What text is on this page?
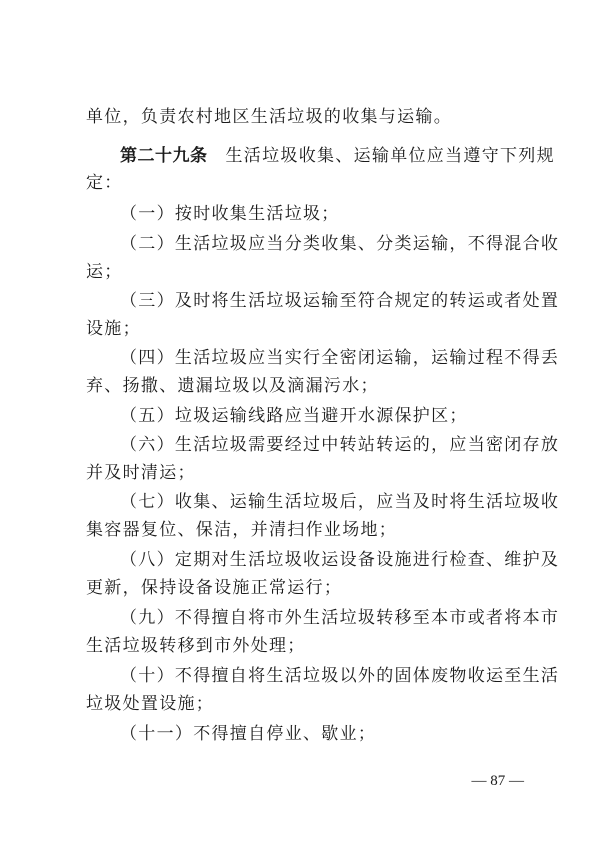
单位，负责农村地区生活垃圾的收集与运输。
第二十九条 生活垃圾收集、运输单位应当遵守下列规
定：
（一）按时收集生活垃圾；
（二）生活垃圾应当分类收集、分类运输，不得混合收
运；
（三）及时将生活垃圾运输至符合规定的转运或者处置
设施；
（四）生活垃圾应当实行全密闭运输，运输过程不得丢
弃、扬撒、遗漏垃圾以及滴漏污水；
（五）垃圾运输线路应当避开水源保护区；
（六）生活垃圾需要经过中转站转运的，应当密闭存放
并及时清运；
（七）收集、运输生活垃圾后，应当及时将生活垃圾收
集容器复位、保洁，并清扫作业场地；
（八）定期对生活垃圾收运设备设施进行检查、维护及
更新，保持设备设施正常运行；
（九）不得擅自将市外生活垃圾转移至本市或者将本市
生活垃圾转移到市外处理；
（十）不得擅自将生活垃圾以外的固体废物收运至生活
垃圾处置设施；
（十一）不得擅自停业、歇业；
— 87 —
